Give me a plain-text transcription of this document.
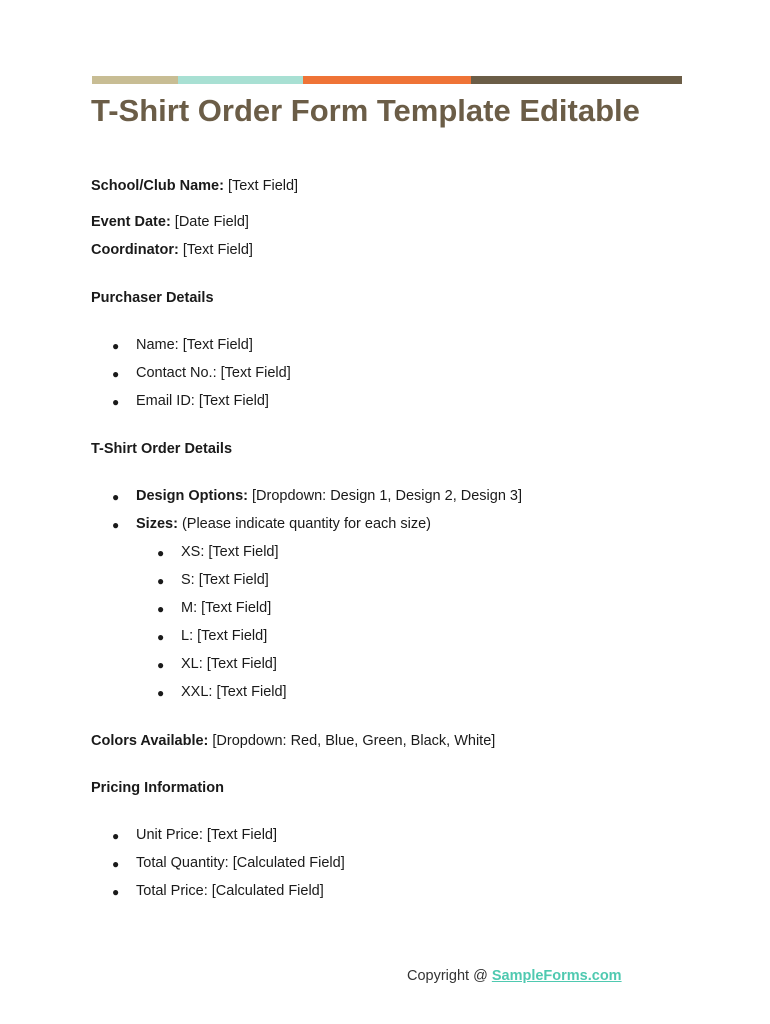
T-Shirt Order Form Template Editable
School/Club Name: [Text Field]
Event Date: [Date Field]
Coordinator: [Text Field]
Purchaser Details
● Name: [Text Field]
● Contact No.: [Text Field]
● Email ID: [Text Field]
T-Shirt Order Details
● Design Options: [Dropdown: Design 1, Design 2, Design 3]
● Sizes: (Please indicate quantity for each size)
● XS: [Text Field]
● S: [Text Field]
● M: [Text Field]
● L: [Text Field]
● XL: [Text Field]
● XXL: [Text Field]
Colors Available: [Dropdown: Red, Blue, Green, Black, White]
Pricing Information
● Unit Price: [Text Field]
● Total Quantity: [Calculated Field]
● Total Price: [Calculated Field]
Copyright @ SampleForms.com
